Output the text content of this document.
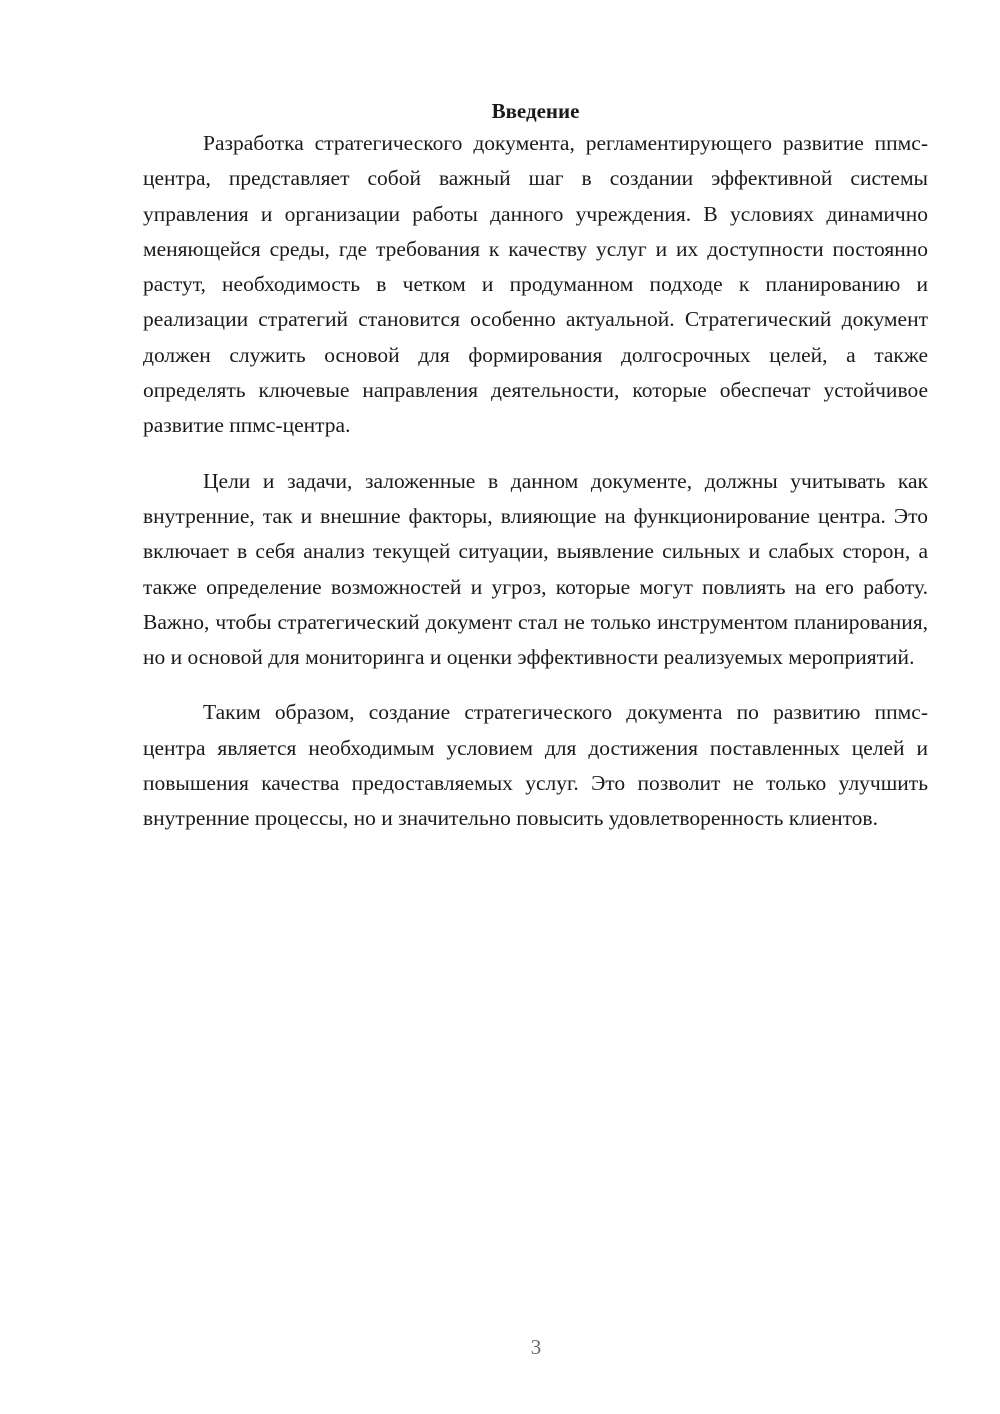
Введение

Разработка стратегического документа, регламентирующего развитие ппмс-центра, представляет собой важный шаг в создании эффективной системы управления и организации работы данного учреждения. В условиях динамично меняющейся среды, где требования к качеству услуг и их доступности постоянно растут, необходимость в четком и продуманном подходе к планированию и реализации стратегий становится особенно актуальной. Стратегический документ должен служить основой для формирования долгосрочных целей, а также определять ключевые направления деятельности, которые обеспечат устойчивое развитие ппмс-центра.

Цели и задачи, заложенные в данном документе, должны учитывать как внутренние, так и внешние факторы, влияющие на функционирование центра. Это включает в себя анализ текущей ситуации, выявление сильных и слабых сторон, а также определение возможностей и угроз, которые могут повлиять на его работу. Важно, чтобы стратегический документ стал не только инструментом планирования, но и основой для мониторинга и оценки эффективности реализуемых мероприятий.

Таким образом, создание стратегического документа по развитию ппмс-центра является необходимым условием для достижения поставленных целей и повышения качества предоставляемых услуг. Это позволит не только улучшить внутренние процессы, но и значительно повысить удовлетворенность клиентов.

3
